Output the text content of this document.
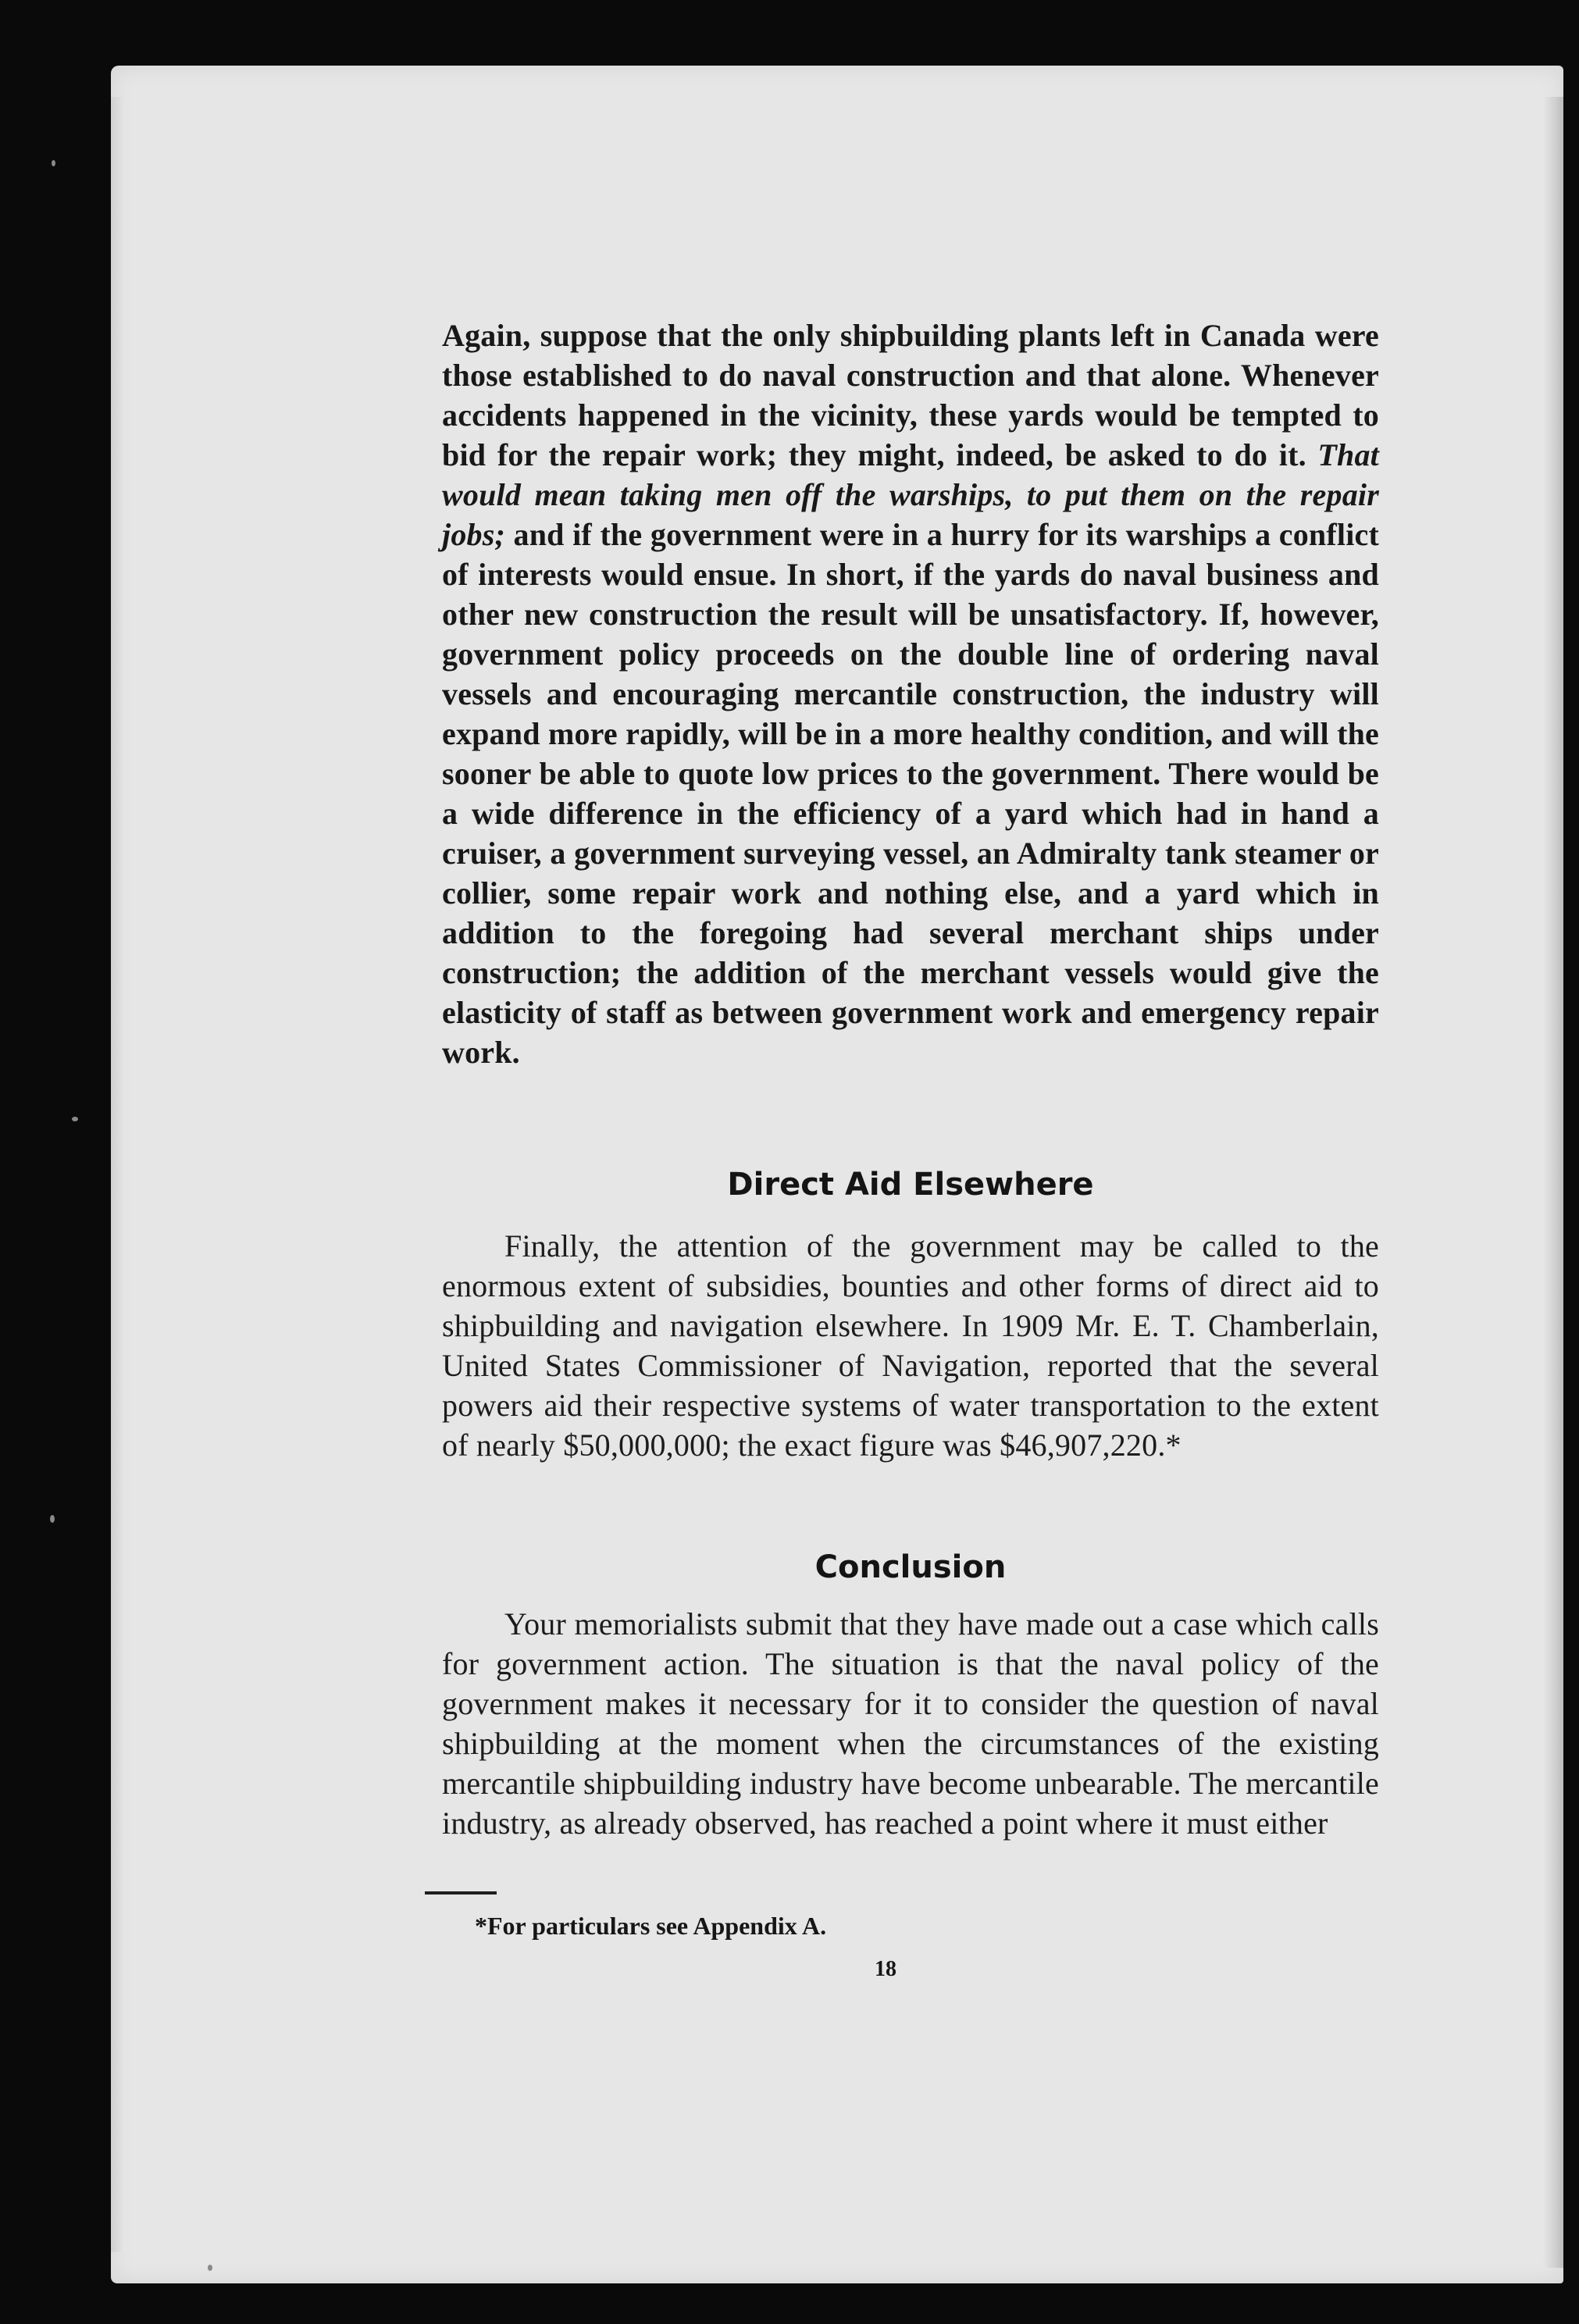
Again, suppose that the only shipbuilding plants left in Canada were those established to do naval construction and that alone. Whenever accidents happened in the vicinity, these yards would be tempted to bid for the repair work; they might, indeed, be asked to do it. That would mean taking men off the warships, to put them on the repair jobs; and if the government were in a hurry for its warships a conflict of interests would ensue. In short, if the yards do naval business and other new construction the result will be unsatisfactory. If, however, government policy proceeds on the double line of ordering naval vessels and encouraging mercantile construction, the industry will expand more rapidly, will be in a more healthy condition, and will the sooner be able to quote low prices to the government. There would be a wide difference in the efficiency of a yard which had in hand a cruiser, a government surveying vessel, an Admiralty tank steamer or collier, some repair work and nothing else, and a yard which in addition to the foregoing had several merchant ships under construction; the addition of the merchant vessels would give the elasticity of staff as between government work and emergency repair work.

Direct Aid Elsewhere

Finally, the attention of the government may be called to the enormous extent of subsidies, bounties and other forms of direct aid to shipbuilding and navigation elsewhere. In 1909 Mr. E. T. Chamberlain, United States Commissioner of Navigation, reported that the several powers aid their respective systems of water transportation to the extent of nearly $50,000,000; the exact figure was $46,907,220.*

Conclusion

Your memorialists submit that they have made out a case which calls for government action. The situation is that the naval policy of the government makes it necessary for it to consider the question of naval shipbuilding at the moment when the circumstances of the existing mercantile shipbuilding industry have become unbearable. The mercantile industry, as already observed, has reached a point where it must either

*For particulars see Appendix A.
18
